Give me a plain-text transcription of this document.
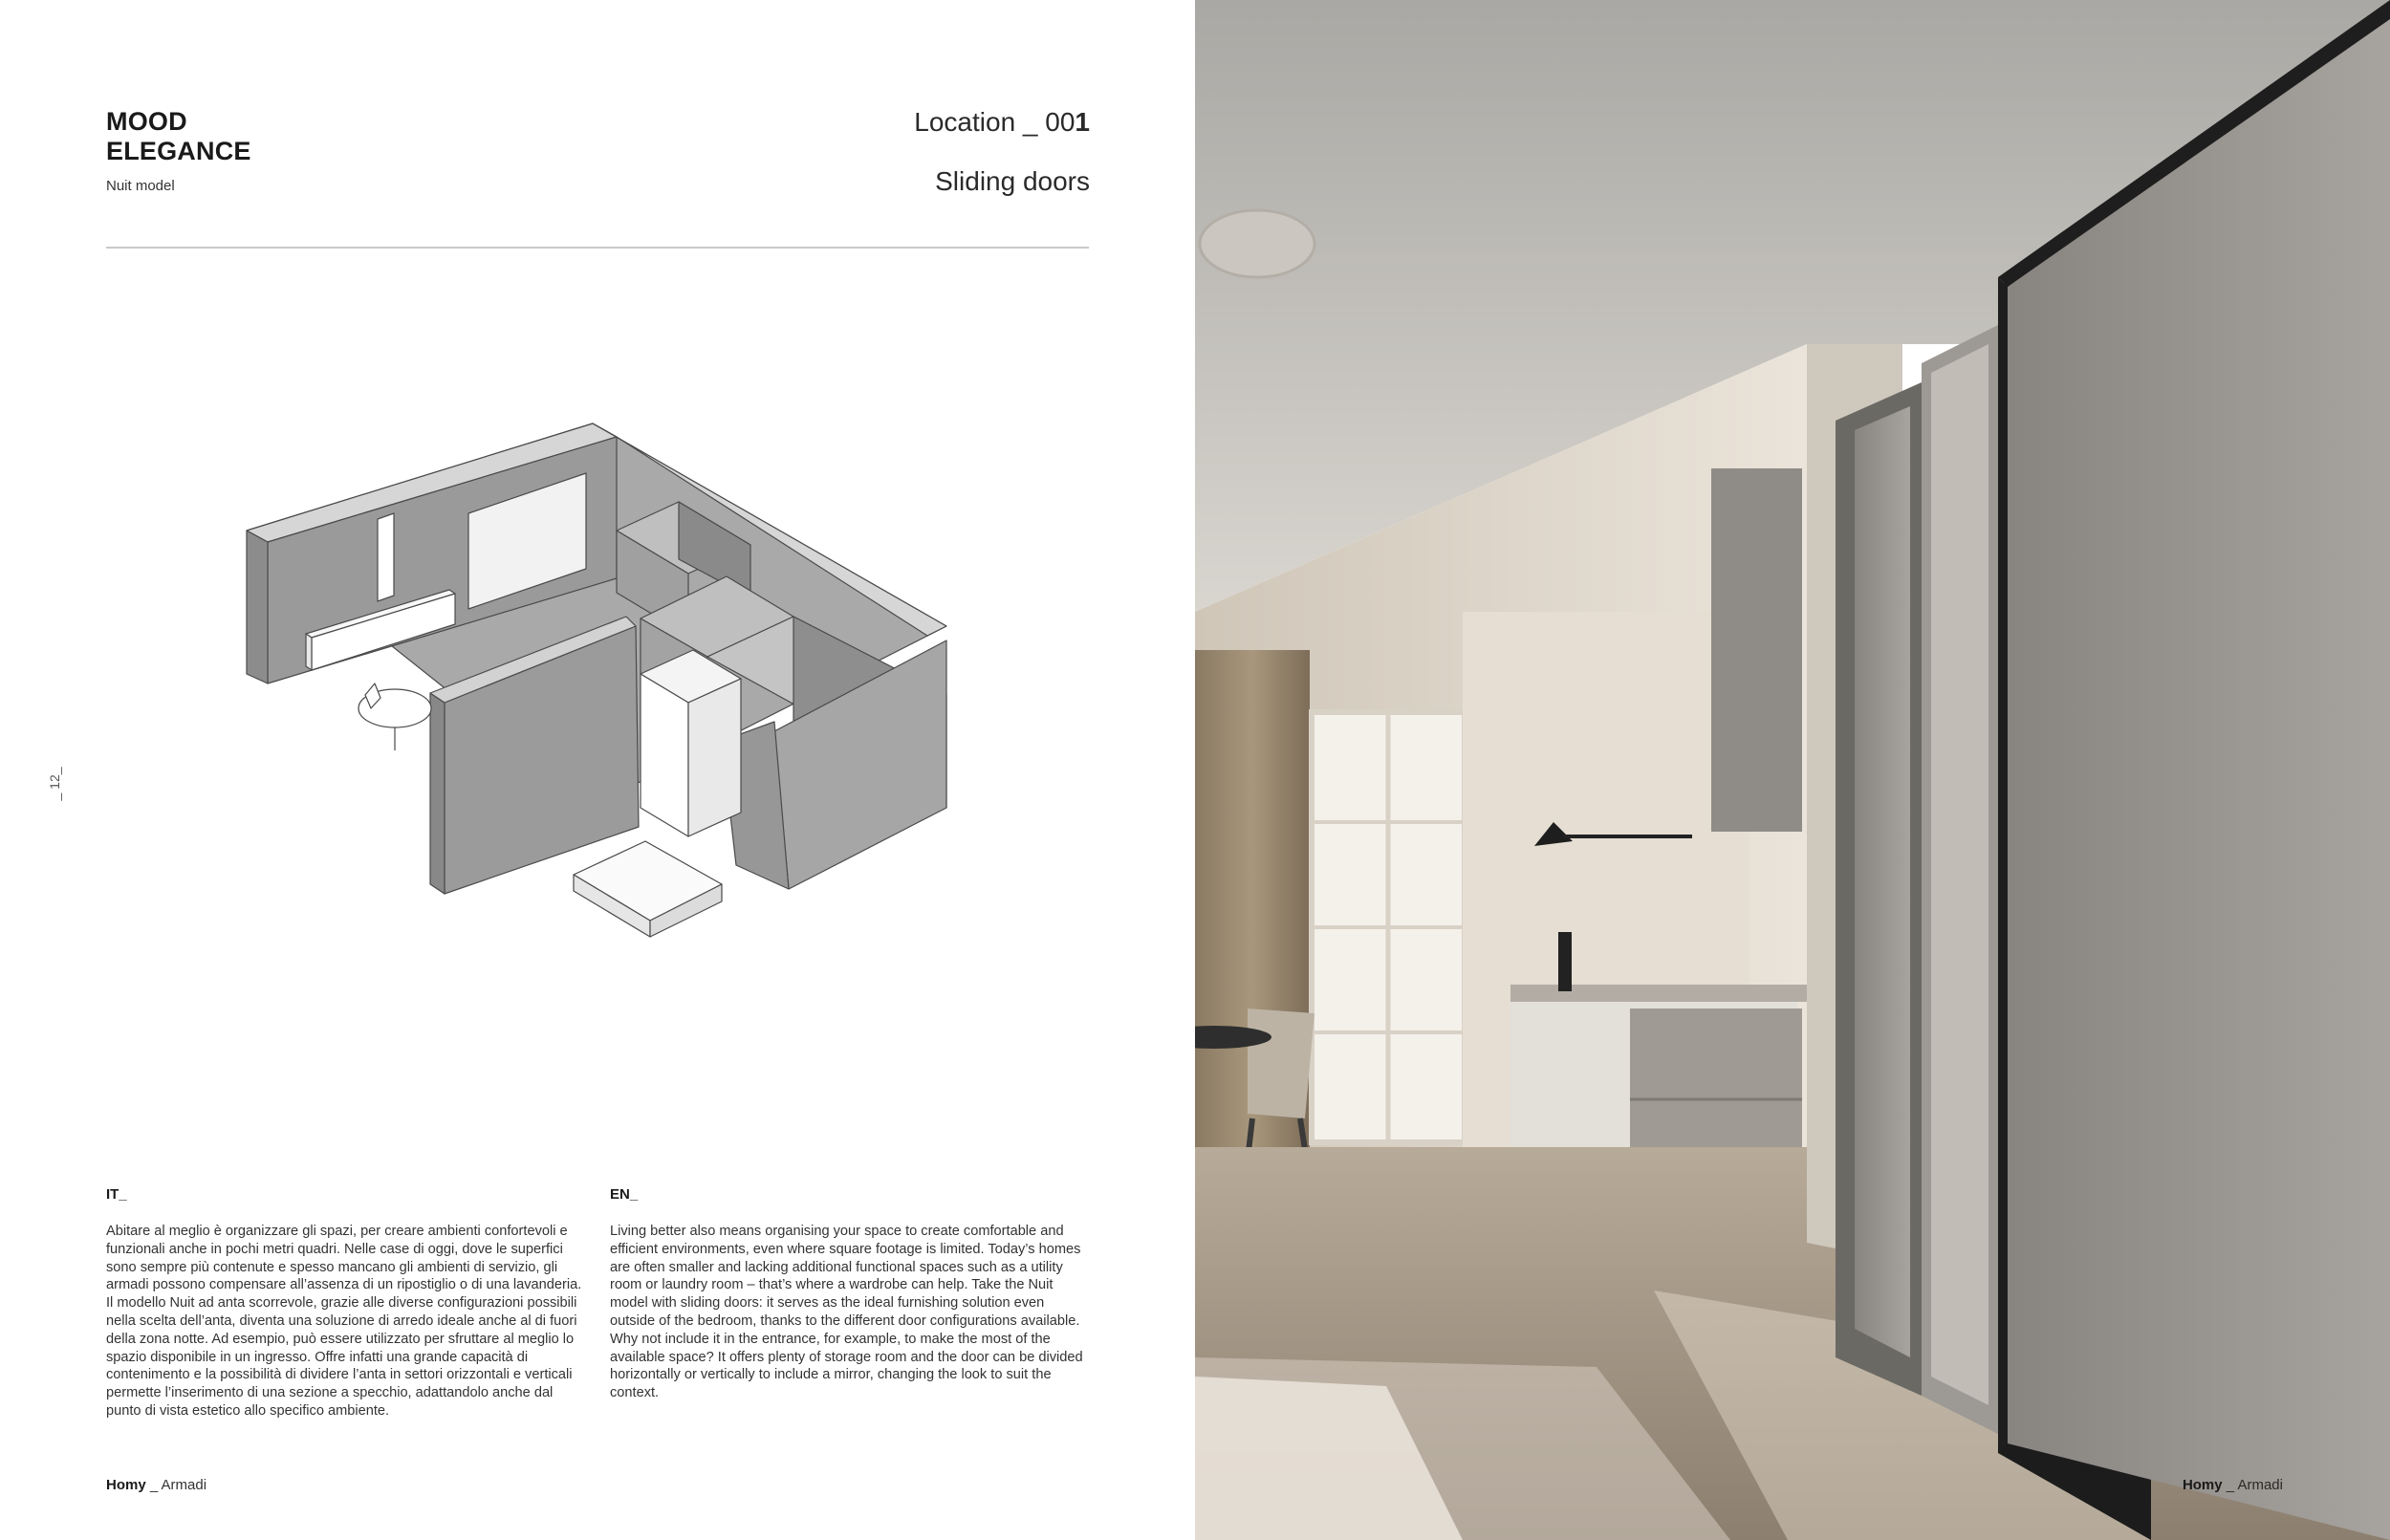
MOOD
ELEGANCE
Nuit model
Location _ 001
Sliding doors
_ 12_
IT_
Abitare al meglio è organizzare gli spazi, per creare ambienti confortevoli e funzionali anche in pochi metri quadri. Nelle case di oggi, dove le superfici sono sempre più contenute e spesso mancano gli ambienti di servizio, gli armadi possono compensare all’assenza di un ripostiglio o di una lavanderia. Il modello Nuit ad anta scorrevole, grazie alle diverse configurazioni possibili nella scelta dell’anta, diventa una soluzione di arredo ideale anche al di fuori della zona notte. Ad esempio, può essere utilizzato per sfruttare al meglio lo spazio disponibile in un ingresso. Offre infatti una grande capacità di contenimento e la possibilità di dividere l’anta in settori orizzontali e verticali permette l’inserimento di una sezione a specchio, adattandolo anche dal punto di vista estetico allo specifico ambiente.
EN_
Living better also means organising your space to create comfortable and efficient environments, even where square footage is limited. Today’s homes are often smaller and lacking additional functional spaces such as a utility room or laundry room – that’s where a wardrobe can help. Take the Nuit model with sliding doors: it serves as the ideal furnishing solution even outside of the bedroom, thanks to the different door configurations available. Why not include it in the entrance, for example, to make the most of the available space? It offers plenty of storage room and the door can be divided horizontally or vertically to include a mirror, changing the look to suit the context.
Homy _ Armadi	Homy _ Armadi
